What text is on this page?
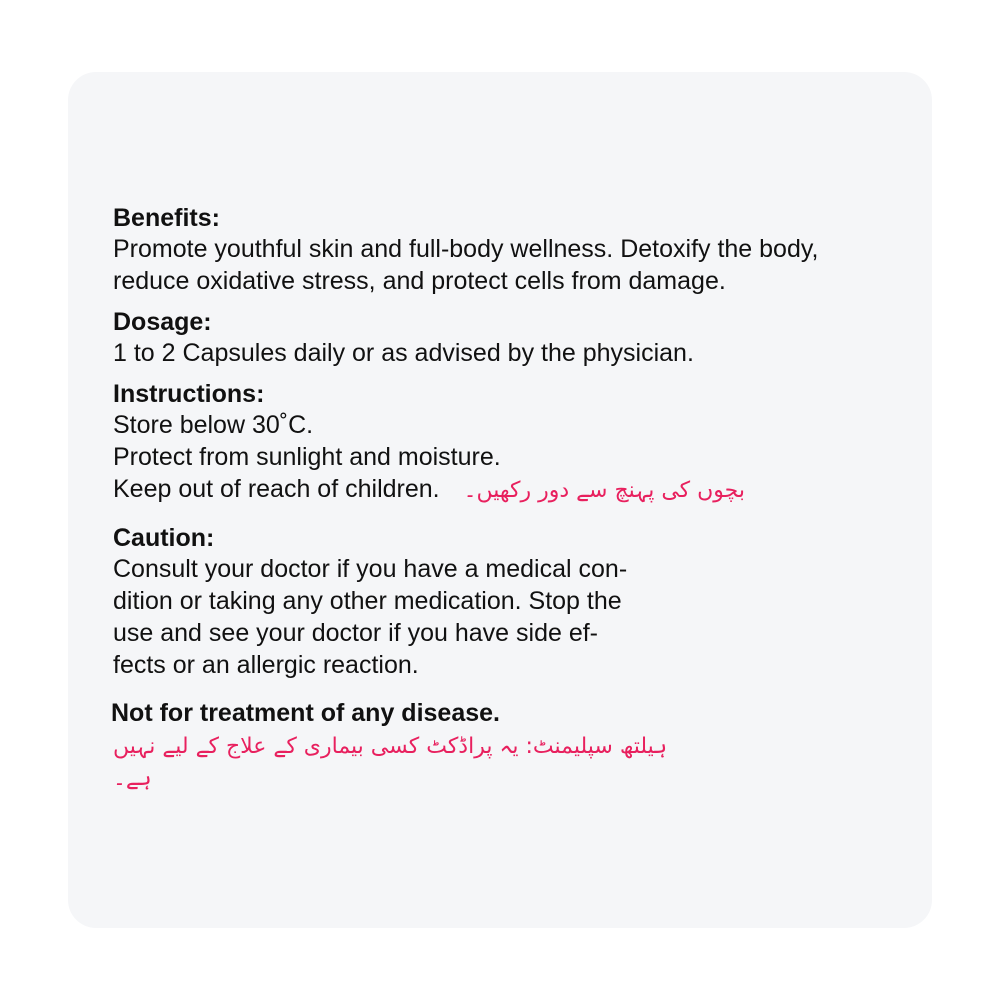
Benefits:
Promote youthful skin and full-body wellness. Detoxify the body,
reduce oxidative stress, and protect cells from damage.
Dosage:
1 to 2 Capsules daily or as advised by the physician.
Instructions:
Store below 30˚C.
Protect from sunlight and moisture.
Keep out of reach of children. بچوں کی پہنچ سے دور رکھیں۔
Caution:
Consult your doctor if you have a medical con-
dition or taking any other medication. Stop the
use and see your doctor if you have side ef-
fects or an allergic reaction.
Not for treatment of any disease.
ہیلتھ سپلیمنٹ: یہ پراڈکٹ کسی بیماری کے علاج کے لیے نہیں ہے۔
